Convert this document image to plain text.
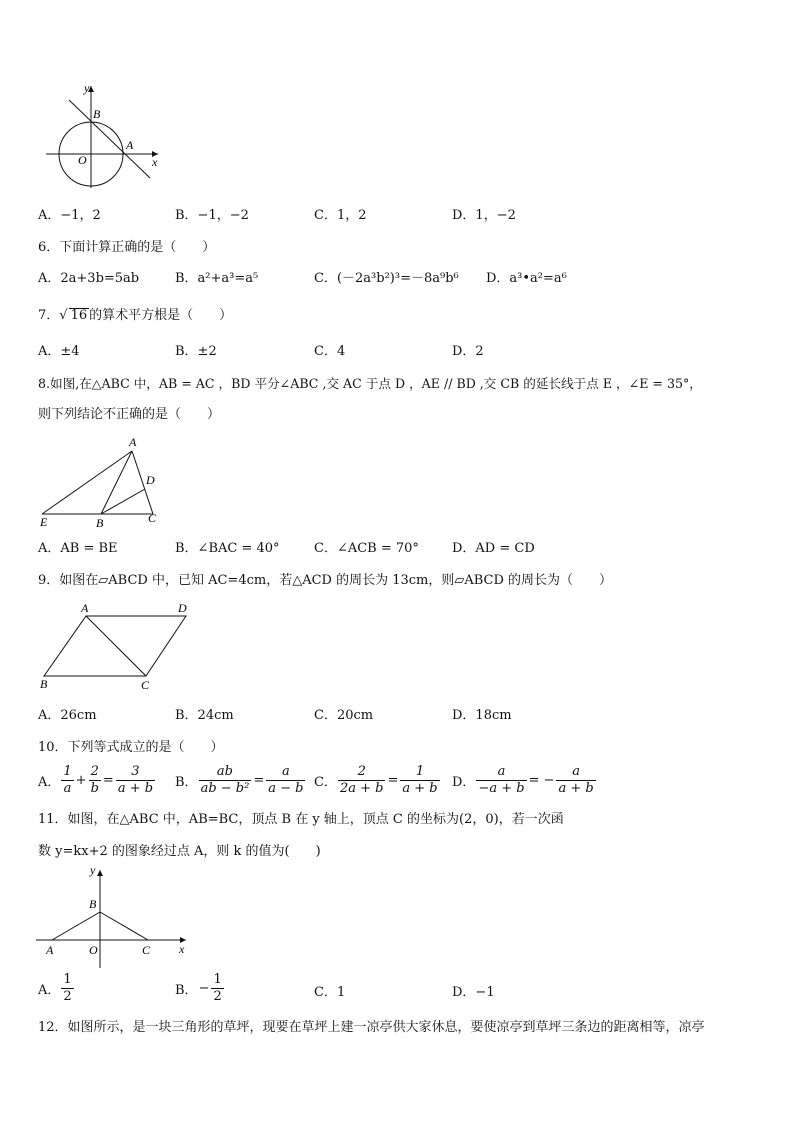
y
B
O
A
x
A．−1，2	B．−1，−2	C．1，2	D．1，−2
6．下面计算正确的是（　　）
A．2a+3b=5ab	B．a²+a³=a⁵	C．(－2a³b²)³=－8a⁹b⁶ D．a³•a²=a⁶
7．√ 16 的算术平方根是（　　）
A．±4	B．±2	C．4	D．2
8.如图,在△ABC 中，AB = AC ，BD 平分∠ABC ,交 AC 于点 D ，AE // BD ,交 CB 的延长线于点 E ，∠E = 35°，
则下列结论不正确的是（　　）
A
D
E	B	C
A．AB = BE	B．∠BAC = 40°	C．∠ACB = 70°	D．AD = CD
9．如图在▱ABCD 中，已知 AC=4cm，若△ACD 的周长为 13cm，则▱ABCD 的周长为（　　）
A	D
B	C
A．26cm	B．24cm	C．20cm	D．18cm
10．下列等式成立的是（　　）
A． $\frac{1}{a} + \frac{2}{b} = \frac{3}{a + b}$ B． $\frac{ab}{\text{ab − b²}} = \frac{a}{a - b}$ C． $\frac{2}{2a + b} = \frac{1}{a + b}$ D． $\frac{a}{-a + b}$ = − $\frac{a}{a + b}$
11．如图，在△ABC 中，AB=BC，顶点 B 在 y 轴上，顶点 C 的坐标为(2，0)，若一次函
数 y=kx+2 的图象经过点 A，则 k 的值为(　　)
y
B
A	O	C x
A． $\frac{1}{2}$	B． − $\frac{1}{2}$	C．1	D．−1
12．如图所示，是一块三角形的草坪，现要在草坪上建一凉亭供大家休息，要使凉亭到草坪三条边的距离相等，凉亭
